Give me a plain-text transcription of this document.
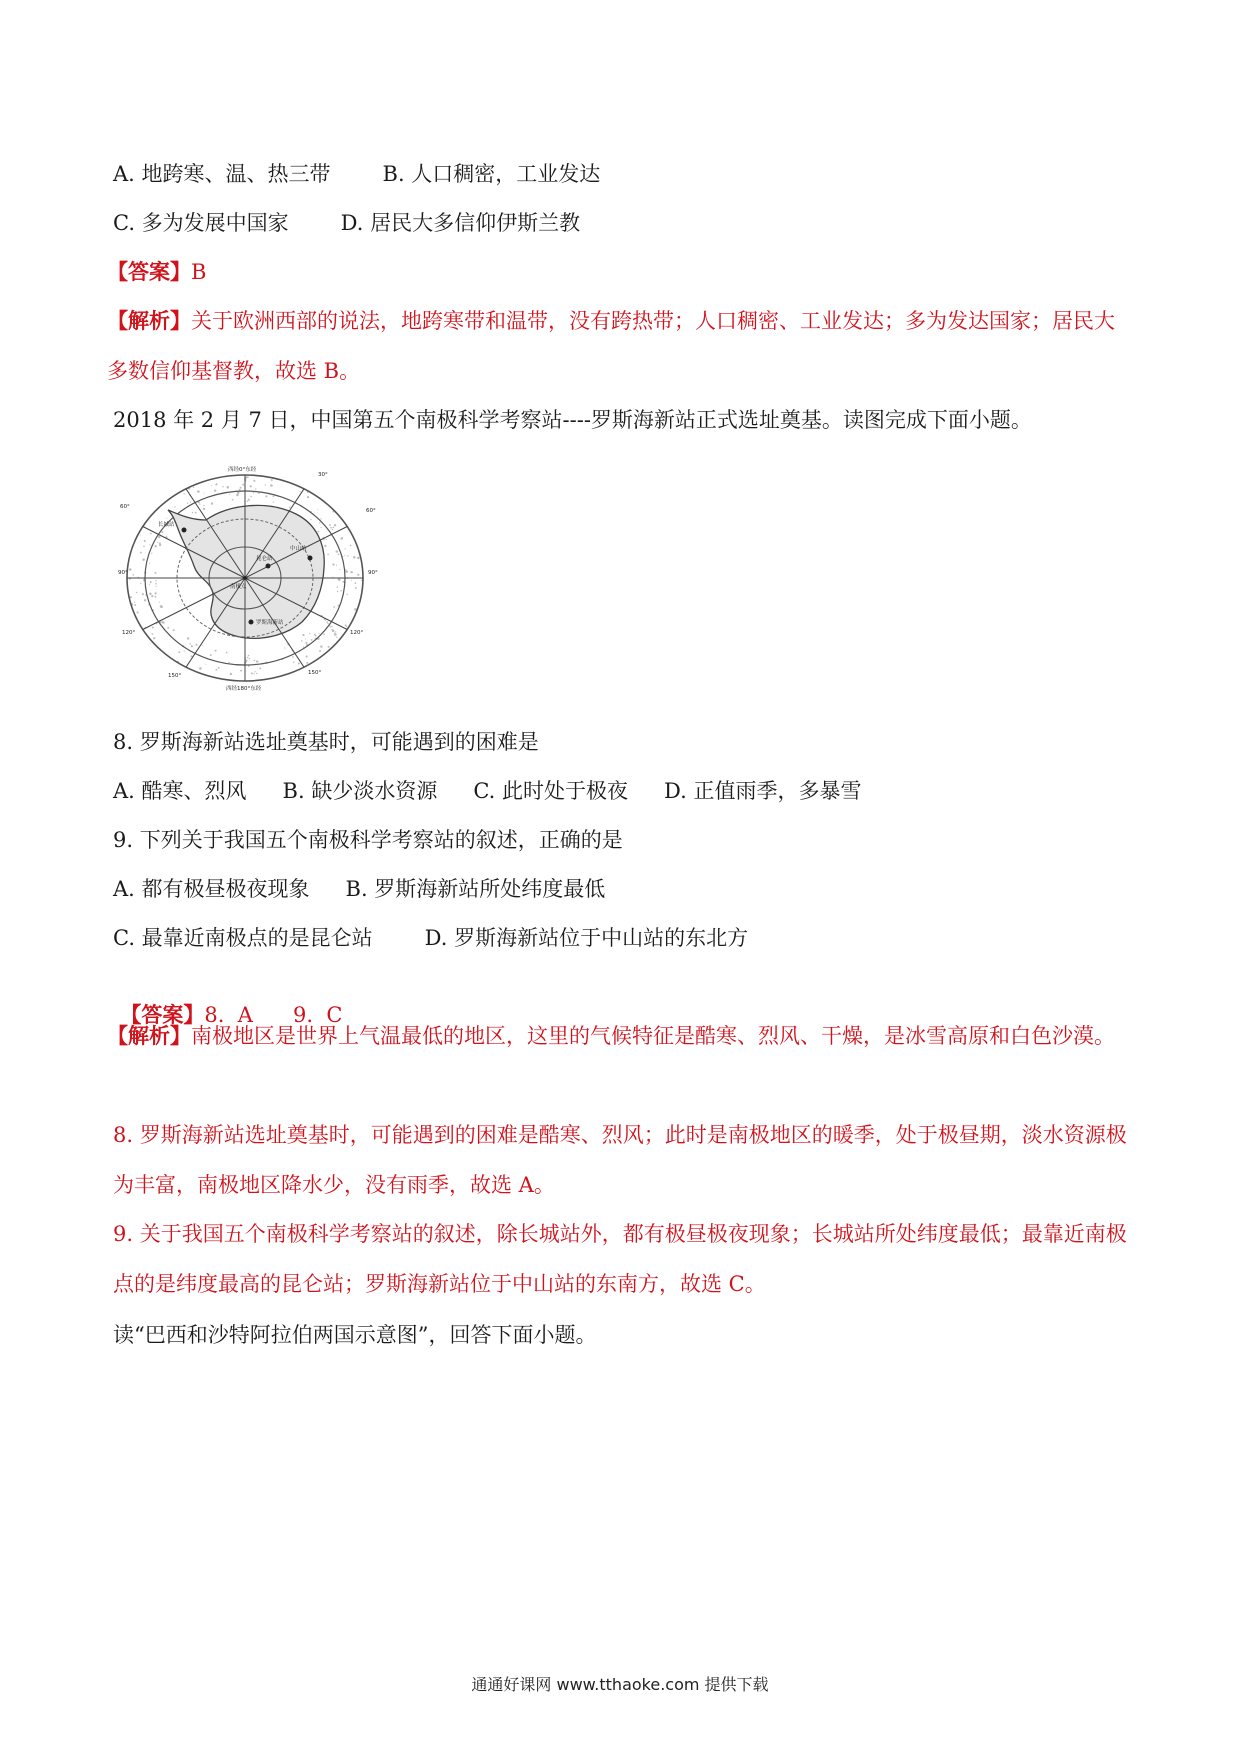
A. 地跨寒、温、热三带 B. 人口稠密，工业发达
C. 多为发展中国家 D. 居民大多信仰伊斯兰教
【答案】B
【解析】关于欧洲西部的说法，地跨寒带和温带，没有跨热带；人口稠密、工业发达；多为发达国家；居民大多数信仰基督教，故选 B。
2018 年 2 月 7 日，中国第五个南极科学考察站----罗斯海新站正式选址奠基。读图完成下面小题。
西经0°东经
西经180°东经
60°
90°
120°
150°
30°
60°
90°
120°
150°
长城站
昆仑站
中山站
罗斯海新站
南极点
8. 罗斯海新站选址奠基时，可能遇到的困难是
A. 酷寒、烈风 B. 缺少淡水资源 C. 此时处于极夜 D. 正值雨季，多暴雪
9. 下列关于我国五个南极科学考察站的叙述，正确的是
A. 都有极昼极夜现象 B. 罗斯海新站所处纬度最低
C. 最靠近南极点的是昆仑站 D. 罗斯海新站位于中山站的东北方

【答案】8.  A      9.  C

【解析】南极地区是世界上气温最低的地区，这里的气候特征是酷寒、烈风、干燥，是冰雪高原和白色沙漠。
8. 罗斯海新站选址奠基时，可能遇到的困难是酷寒、烈风；此时是南极地区的暖季，处于极昼期，淡水资源极为丰富，南极地区降水少，没有雨季，故选 A。
9. 关于我国五个南极科学考察站的叙述，除长城站外，都有极昼极夜现象；长城站所处纬度最低；最靠近南极点的是纬度最高的昆仑站；罗斯海新站位于中山站的东南方，故选 C。
读“巴西和沙特阿拉伯两国示意图”，回答下面小题。
通通好课网 www.tthaoke.com 提供下载
